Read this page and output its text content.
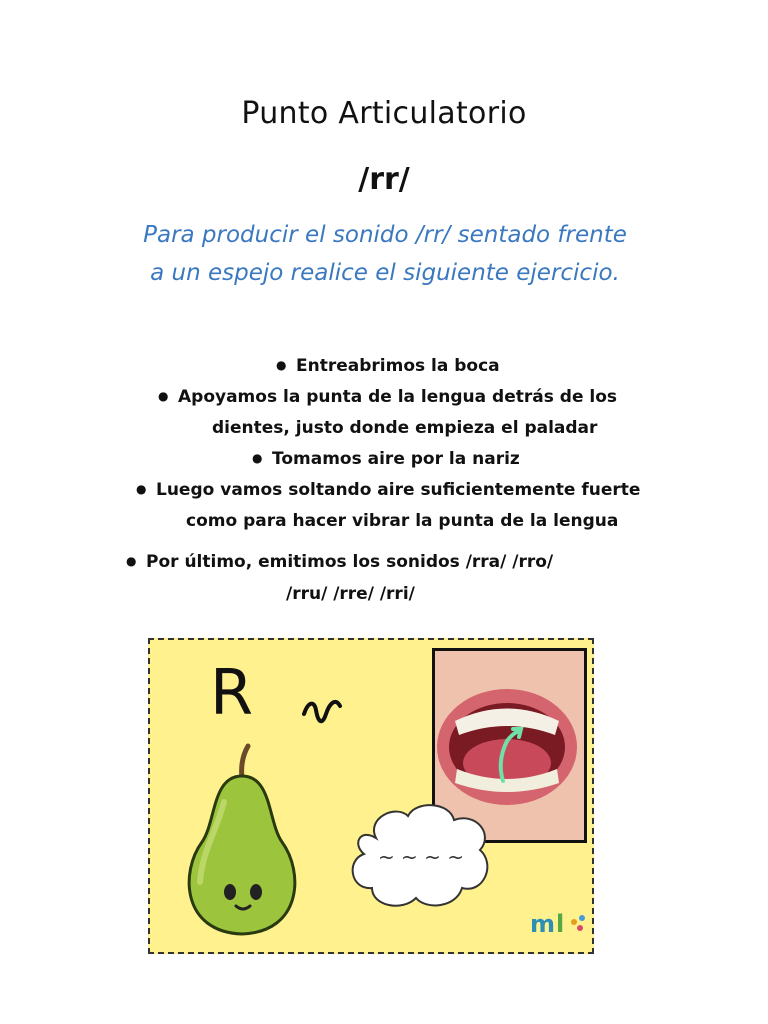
Punto Articulatorio
/rr/
Para producir el sonido /rr/ sentado frente
a un espejo realice el siguiente ejercicio.
● Entreabrimos la boca
● Apoyamos la punta de la lengua detrás de los
dientes, justo donde empieza el paladar
● Tomamos aire por la nariz
● Luego vamos soltando aire suficientemente fuerte
como para hacer vibrar la punta de la lengua
● Por último, emitimos los sonidos /rra/ /rro/
/rru/ /rre/ /rri/
R
~ ~ ~ ~
m l
